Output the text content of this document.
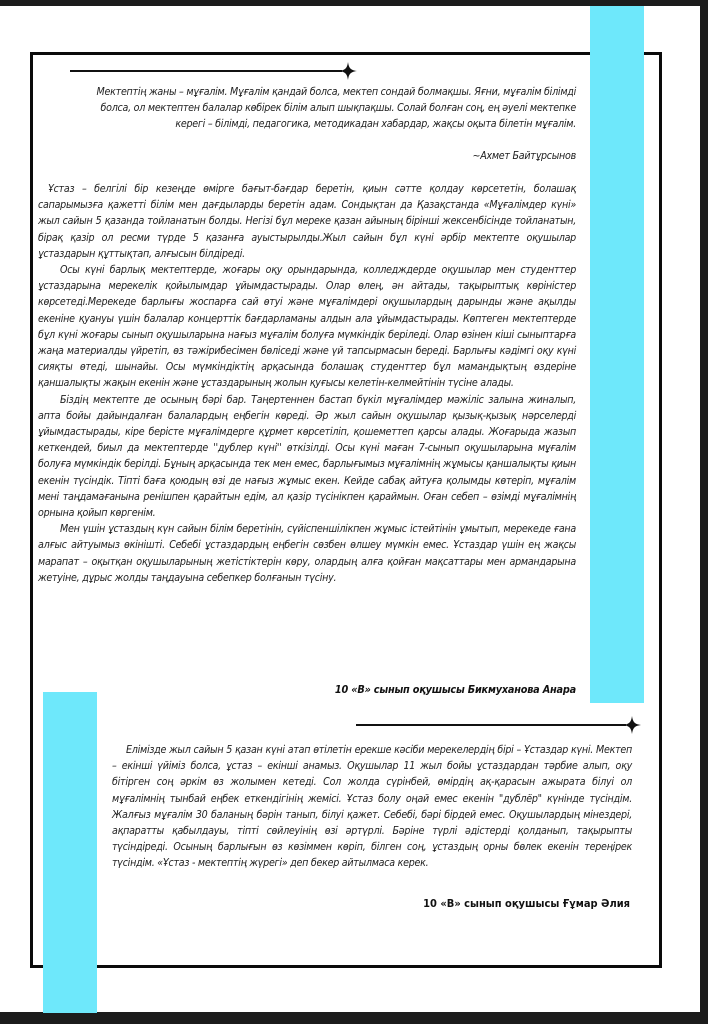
Мектептің жаны – мұғалім. Мұғалім қандай болса, мектеп сондай болмақшы. Яғни, мұғалім білімді болса, ол мектептен балалар көбірек білім алып шықпақшы. Солай болған соң, ең әуелі мектепке керегі – білімді, педагогика, методикадан хабардар, жақсы оқыта білетін мұғалім.
~Ахмет Байтұрсынов

Ұстаз – белгілі бір кезеңде өмірге бағыт-бағдар беретін, қиын сәтте қолдау көрсететін, болашақ сапарымызға қажетті білім мен дағдыларды беретін адам. Сондықтан да Қазақстанда «Мұғалімдер күні» жыл сайын 5 қазанда тойланатын болды. Негізі бұл мереке қазан айының бірінші жексенбісінде тойланатын, бірақ қазір ол ресми түрде 5 қазанға ауыстырылды.Жыл сайын бұл күні әрбір мектепте оқушылар ұстаздарын құттықтап, алғысын білдіреді.

Осы күні барлық мектептерде, жоғары оқу орындарында, колледждерде оқушылар мен студенттер ұстаздарына мерекелік қойылымдар ұйымдастырады. Олар өлең, ән айтады, тақырыптық көріністер көрсетеді.Мерекеде барлығы жоспарға сай өтуі және мұғалімдері оқушылардың дарынды және ақылды екеніне қуануы үшін балалар концерттік бағдарламаны алдын ала ұйымдастырады. Көптеген мектептерде бұл күні жоғары сынып оқушыларына нағыз мұғалім болуға мүмкіндік беріледі. Олар өзінен кіші сыныптарға жаңа материалды үйретіп, өз тәжірибесімен бөліседі және үй тапсырмасын береді. Барлығы кәдімгі оқу күні сияқты өтеді, шынайы. Осы мүмкіндіктің арқасында болашақ студенттер бұл мамандықтың өздеріне қаншалықты жақын екенін және ұстаздарының жолын қуғысы келетін-келмейтінін түсіне алады.

Біздің мектепте де осының бәрі бар. Таңертеннен бастап бүкіл мұғалімдер мәжіліс залына жиналып, апта бойы дайындалған балалардың еңбегін көреді. Әр жыл сайын оқушылар қызық-қызық нәрселерді ұйымдастырады, кіре берісте мұғалімдерге құрмет көрсетіліп, қошеметтеп қарсы алады. Жоғарыда жазып кеткендей, биыл да мектептерде ''дублер күні'' өткізілді. Осы күні маған 7-сынып оқушыларына мұғалім болуға мүмкіндік берілді. Бұның арқасында тек мен емес, барлығымыз мұғалімнің жұмысы қаншалықты қиын екенін түсіндік. Тіпті баға қоюдың өзі де нағыз жұмыс екен. Кейде сабақ айтуға қолымды көтеріп, мұғалім мені таңдамағанына ренішпен қарайтын едім, ал қазір түсінікпен қараймын. Оған себеп – өзімді мұғалімнің орнына қойып көргенім.

Мен үшін ұстаздың күн сайын білім беретінін, сүйіспеншілікпен жұмыс істейтінін ұмытып, мерекеде ғана алғыс айтуымыз өкінішті. Себебі ұстаздардың еңбегін сөзбен өлшеу мүмкін емес. Ұстаздар үшін ең жақсы марапат – оқытқан оқушыларының жетістіктерін көру, олардың алға қойған мақсаттары мен армандарына жетуіне, дұрыс жолды таңдауына себепкер болғанын түсіну.

10 «В» сынып оқушысы Бикмуханова Анара

Елімізде жыл сайын 5 қазан күні атап өтілетін ерекше кәсіби мерекелердің бірі – Ұстаздар күні. Мектеп – екінші үйіміз болса, ұстаз – екінші анамыз. Оқушылар 11 жыл бойы ұстаздардан тәрбие алып, оқу бітірген соң әркім өз жолымен кетеді. Сол жолда сүрінбей, өмірдің ақ-қарасын ажырата білуі ол мұғалімнің тынбай еңбек еткендігінің жемісі. Ұстаз болу оңай емес екенін "дублёр" күнінде түсіндім. Жалғыз мұғалім 30 баланың бәрін танып, білуі қажет. Себебі, бәрі бірдей емес. Оқушылардың мінездері, ақпаратты қабылдауы, тіпті сөйлеуінің өзі әртүрлі. Бәріне түрлі әдістерді қолданып, тақырыпты түсіндіреді. Осының барлығын өз көзіммен көріп, білген соң, ұстаздың орны бөлек екенін тереңірек түсіндім. «Ұстаз - мектептің жүрегі» деп бекер айтылмаса керек.

10 «В» сынып оқушысы Ғұмар Әлия
